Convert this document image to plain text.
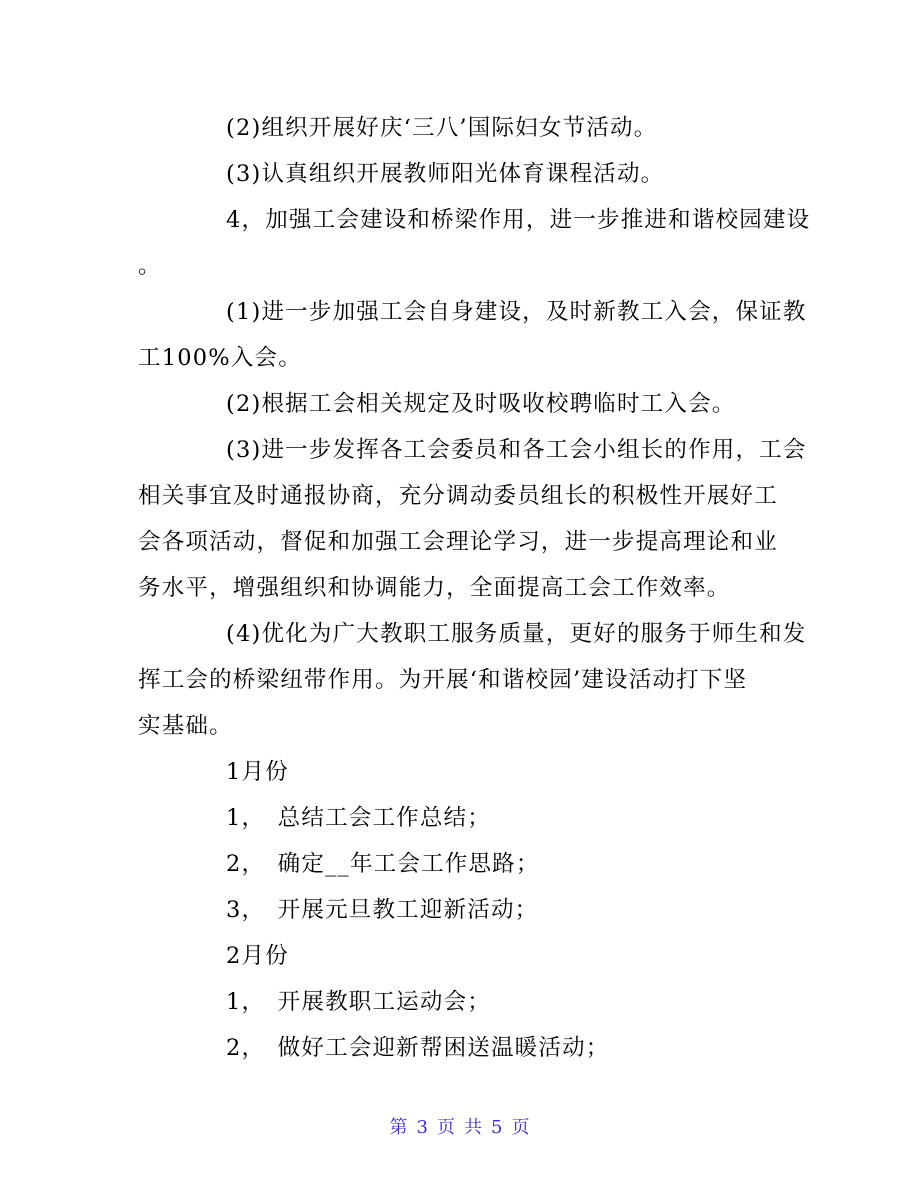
(2)组织开展好庆‘三八’国际妇女节活动。
(3)认真组织开展教师阳光体育课程活动。
4，加强工会建设和桥梁作用，进一步推进和谐校园建设
。
(1)进一步加强工会自身建设，及时新教工入会，保证教
工100%入会。
(2)根据工会相关规定及时吸收校聘临时工入会。
(3)进一步发挥各工会委员和各工会小组长的作用，工会
相关事宜及时通报协商，充分调动委员组长的积极性开展好工
会各项活动，督促和加强工会理论学习，进一步提高理论和业
务水平，增强组织和协调能力，全面提高工会工作效率。
(4)优化为广大教职工服务质量，更好的服务于师生和发
挥工会的桥梁纽带作用。为开展‘和谐校园’建设活动打下坚
实基础。
1月份
1，　总结工会工作总结；
2，　确定__年工会工作思路；
3，　开展元旦教工迎新活动；
2月份
1，　开展教职工运动会；
2，　做好工会迎新帮困送温暖活动；
第 3 页 共 5 页
